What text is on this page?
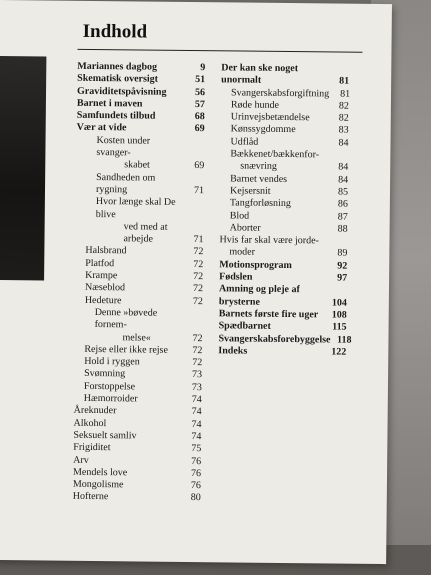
Indhold
Mariannes dagbog	9
Skematisk oversigt	51
Graviditetspåvisning	56
Barnet i maven	57
Samfundets tilbud	68
Vær at vide	69
Kosten under svanger-
skabet	69
Sandheden om rygning	71
Hvor længe skal De blive
ved med at arbejde	71
Halsbrand	72
Platfod	72
Krampe	72
Næseblod	72
Hedeture	72
Denne »bøvede fornem-
melse«	72
Rejse eller ikke rejse	72
Hold i ryggen	72
Svømning	73
Forstoppelse	73
Hæmorroider	74
Åreknuder	74
Alkohol	74
Seksuelt samliv	74
Frigiditet	75
Arv	76
Mendels love	76
Mongolisme	76
Hofterne	80
Der kan ske noget unormalt	81
Svangerskabsforgiftning	81
Røde hunde	82
Urinvejsbetændelse	82
Kønssygdomme	83
Udflåd	84
Bækkenet/bækkenfor-snævring	84
Barnet vendes	84
Kejsersnit	85
Tangforløsning	86
Blod	87
Aborter	88
Hvis far skal være jorde-moder	89
Motionsprogram	92
Fødslen	97
Amning og pleje af brysterne	104
Barnets første fire uger	108
Spædbarnet	115
Svangerskabsforebyggelse 118
Indeks	122
